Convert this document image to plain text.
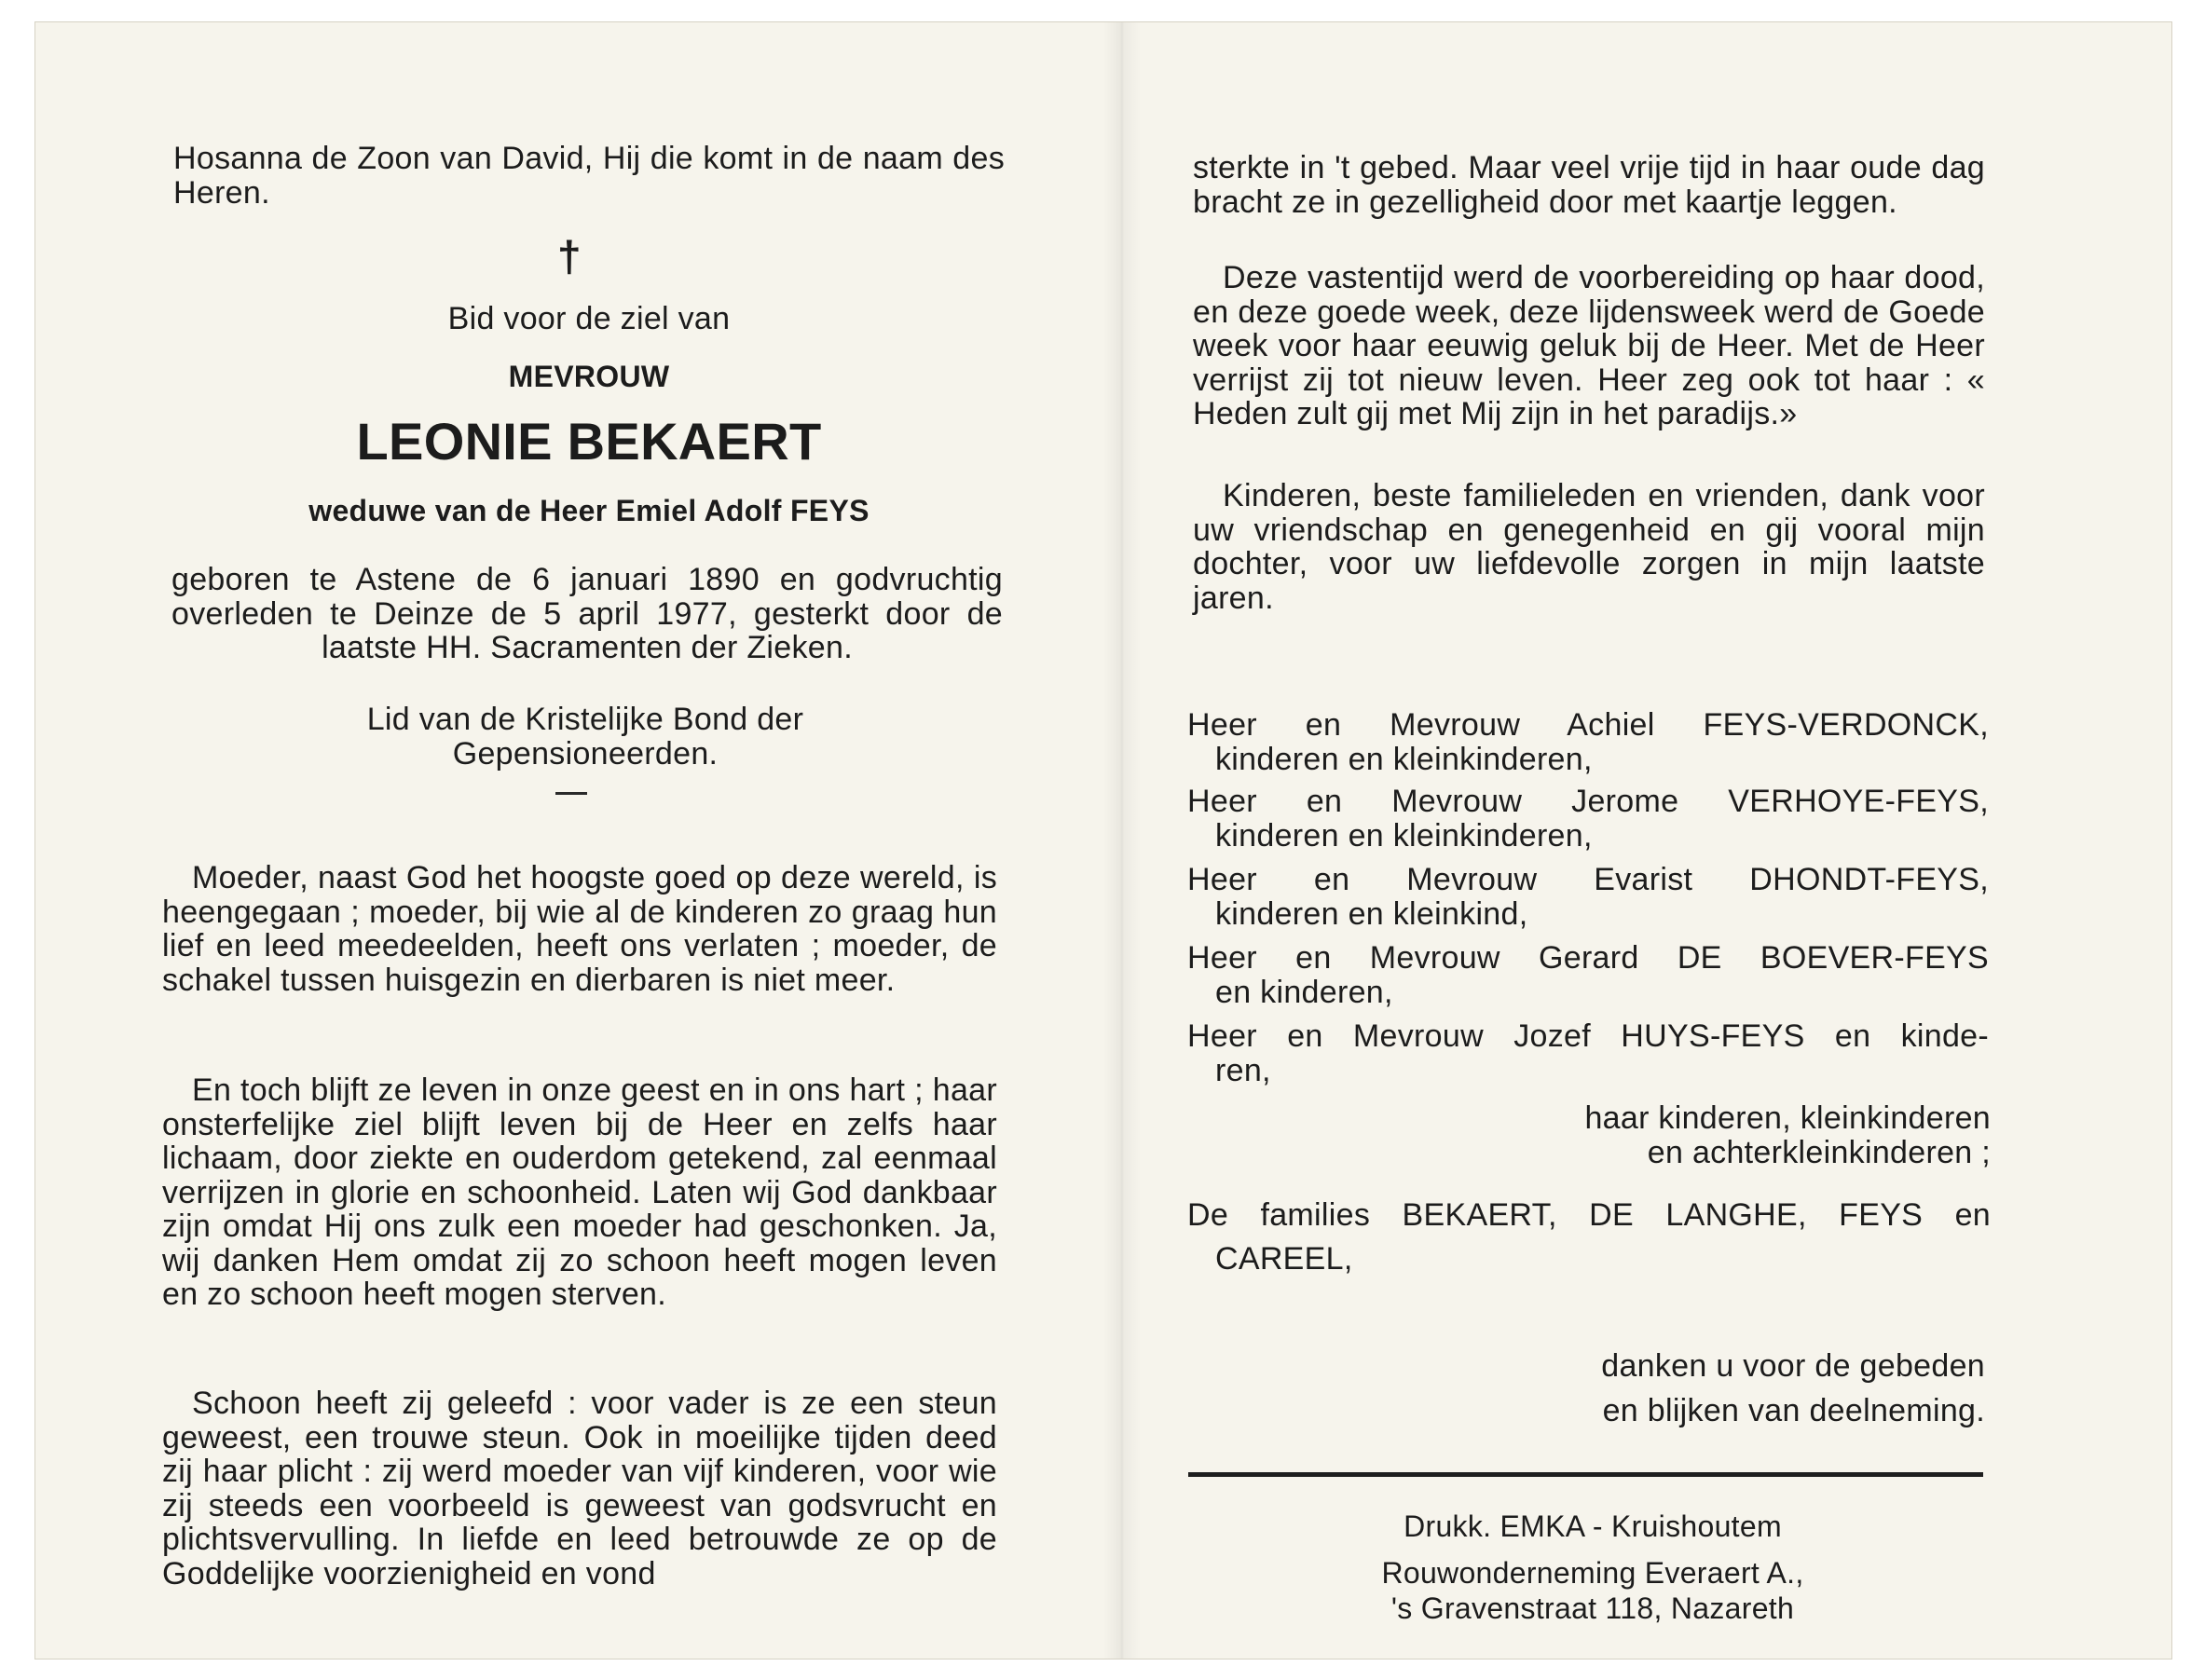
Hosanna de Zoon van David, Hij die komt in de naam des Heren.

†

Bid voor de ziel van

MEVROUW

LEONIE BEKAERT

weduwe van de Heer Emiel Adolf FEYS

geboren te Astene de 6 januari 1890 en godvruchtig overleden te Deinze de 5 april 1977, gesterkt door de laatste HH. Sacramenten der Zieken.

Lid van de Kristelijke Bond der Gepensioneerden.

Moeder, naast God het hoogste goed op deze wereld, is heengegaan ; moeder, bij wie al de kinderen zo graag hun lief en leed meedeelden, heeft ons verlaten ; moeder, de schakel tussen huisgezin en dierbaren is niet meer.

En toch blijft ze leven in onze geest en in ons hart ; haar onsterfelijke ziel blijft leven bij de Heer en zelfs haar lichaam, door ziekte en ouderdom getekend, zal eenmaal verrijzen in glorie en schoonheid. Laten wij God dankbaar zijn omdat Hij ons zulk een moeder had geschonken. Ja, wij danken Hem omdat zij zo schoon heeft mogen leven en zo schoon heeft mogen sterven.

Schoon heeft zij geleefd : voor vader is ze een steun geweest, een trouwe steun. Ook in moeilijke tijden deed zij haar plicht : zij werd moeder van vijf kinderen, voor wie zij steeds een voorbeeld is geweest van godsvrucht en plichtsvervulling. In liefde en leed betrouwde ze op de Goddelijke voorzienigheid en vond

sterkte in 't gebed. Maar veel vrije tijd in haar oude dag bracht ze in gezelligheid door met kaartje leggen.

Deze vastentijd werd de voorbereiding op haar dood, en deze goede week, deze lijdensweek werd de Goede week voor haar eeuwig geluk bij de Heer. Met de Heer verrijst zij tot nieuw leven. Heer zeg ook tot haar : « Heden zult gij met Mij zijn in het paradijs.»

Kinderen, beste familieleden en vrienden, dank voor uw vriendschap en genegenheid en gij vooral mijn dochter, voor uw liefdevolle zorgen in mijn laatste jaren.

Heer en Mevrouw Achiel FEYS-VERDONCK,
kinderen en kleinkinderen,
Heer en Mevrouw Jerome VERHOYE-FEYS,
kinderen en kleinkinderen,
Heer en Mevrouw Evarist DHONDT-FEYS,
kinderen en kleinkind,
Heer en Mevrouw Gerard DE BOEVER-FEYS
en kinderen,
Heer en Mevrouw Jozef HUYS-FEYS en kinde-
ren,
haar kinderen, kleinkinderen
en achterkleinkinderen ;
De families BEKAERT, DE LANGHE, FEYS en
CAREEL,
danken u voor de gebeden
en blijken van deelneming.

Drukk. EMKA - Kruishoutem

Rouwonderneming Everaert A.,

's Gravenstraat 118, Nazareth
